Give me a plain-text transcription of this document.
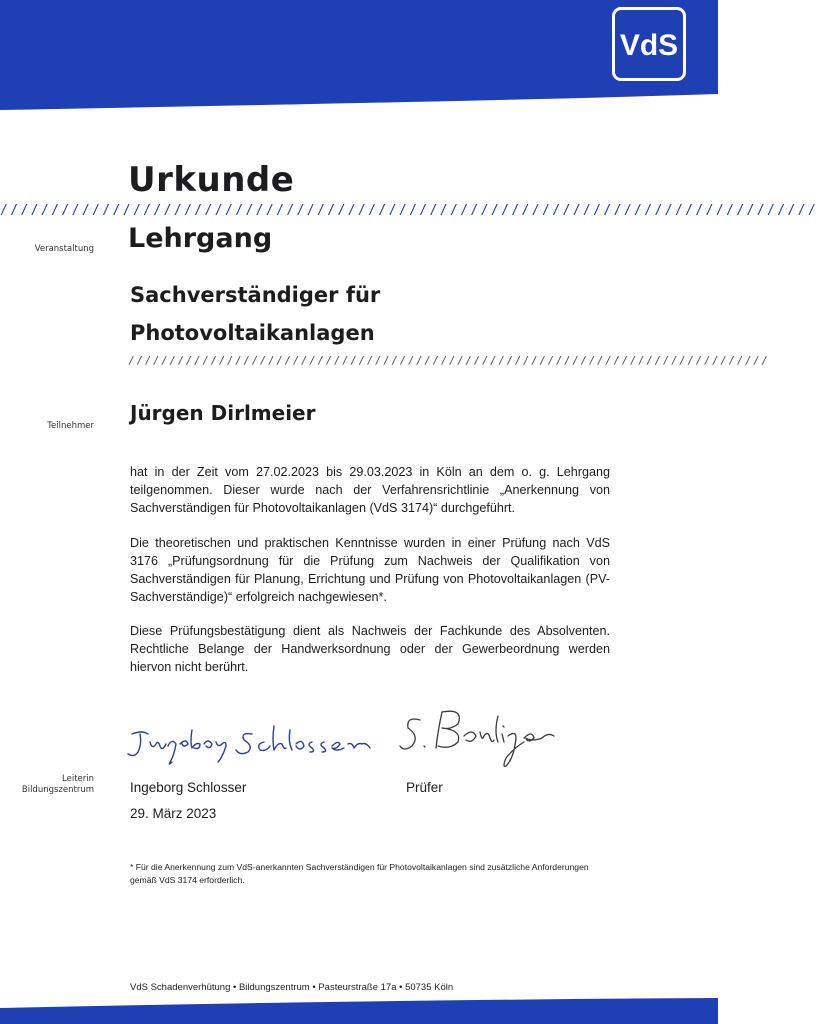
VdS
Urkunde
////////////////////////////////////////////////////////////////////////////////
Veranstaltung Lehrgang
Sachverständiger für
Photovoltaikanlagen
//////////////////////////////////////////////////////////////////////////////
Teilnehmer
Jürgen Dirlmeier

hat in der Zeit vom 27.02.2023 bis 29.03.2023 in Köln an dem o. g. Lehrgang teilgenommen. Dieser wurde nach der Verfahrensrichtlinie „Anerkennung von Sachverständigen für Photovoltaikanlagen (VdS 3174)“ durchgeführt.

Die theoretischen und praktischen Kenntnisse wurden in einer Prüfung nach VdS 3176 „Prüfungsordnung für die Prüfung zum Nachweis der Qualifikation von Sachverständigen für Planung, Errichtung und Prüfung von Photovoltaikanlagen (PV-Sachverständige)“ erfolgreich nachgewiesen*.

Diese Prüfungsbestätigung dient als Nachweis der Fachkunde des Absolventen. Rechtliche Belange der Handwerksordnung oder der Gewerbeordnung werden hiervon nicht berührt.

Leiterin
Bildungszentrum	Ingeborg Schlosser	Prüfer
29. März 2023

* Für die Anerkennung zum VdS-anerkannten Sachverständigen für Photovoltaikanlagen sind zusätzliche Anforderungen gemäß VdS 3174 erforderlich.

VdS Schadenverhütung • Bildungszentrum • Pasteurstraße 17a • 50735 Köln
